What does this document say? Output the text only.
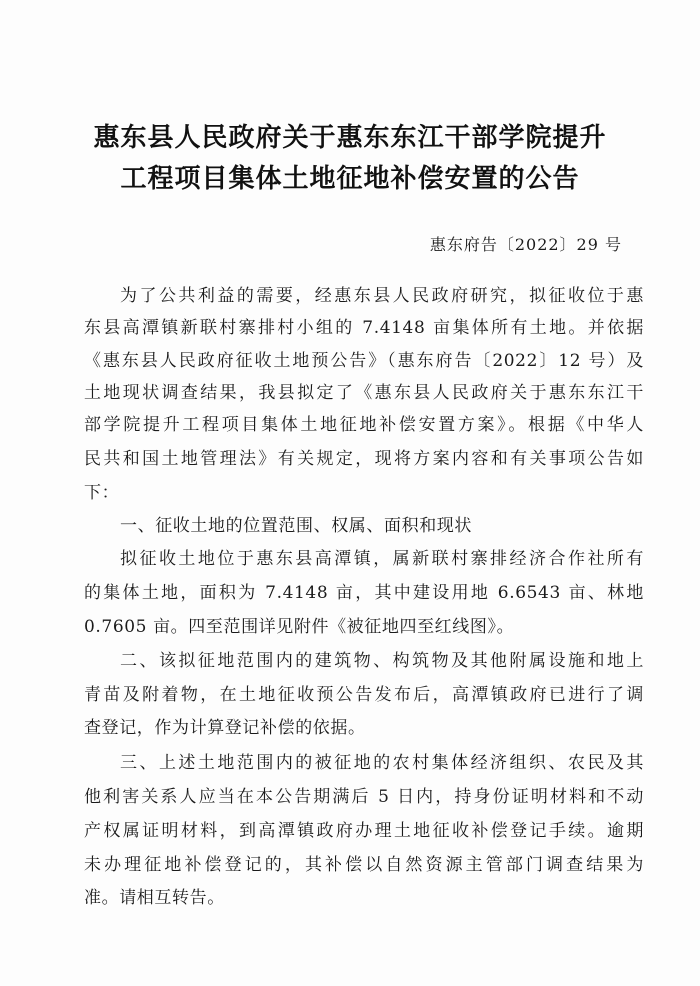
惠东县人民政府关于惠东东江干部学院提升
工程项目集体土地征地补偿安置的公告
惠东府告〔2022〕29 号
为了公共利益的需要，经惠东县人民政府研究，拟征收位于惠
东县高潭镇新联村寨排村小组的 7.4148 亩集体所有土地。并依据
《惠东县人民政府征收土地预公告》（惠东府告〔2022〕12 号）及
土地现状调查结果，我县拟定了《惠东县人民政府关于惠东东江干
部学院提升工程项目集体土地征地补偿安置方案》。根据《中华人
民共和国土地管理法》有关规定，现将方案内容和有关事项公告如
下：
一、征收土地的位置范围、权属、面积和现状
拟征收土地位于惠东县高潭镇，属新联村寨排经济合作社所有
的集体土地，面积为 7.4148 亩，其中建设用地 6.6543 亩、林地
0.7605 亩。四至范围详见附件《被征地四至红线图》。
二、该拟征地范围内的建筑物、构筑物及其他附属设施和地上
青苗及附着物，在土地征收预公告发布后，高潭镇政府已进行了调
查登记，作为计算登记补偿的依据。
三、上述土地范围内的被征地的农村集体经济组织、农民及其
他利害关系人应当在本公告期满后 5 日内，持身份证明材料和不动
产权属证明材料，到高潭镇政府办理土地征收补偿登记手续。逾期
未办理征地补偿登记的，其补偿以自然资源主管部门调查结果为
准。请相互转告。
